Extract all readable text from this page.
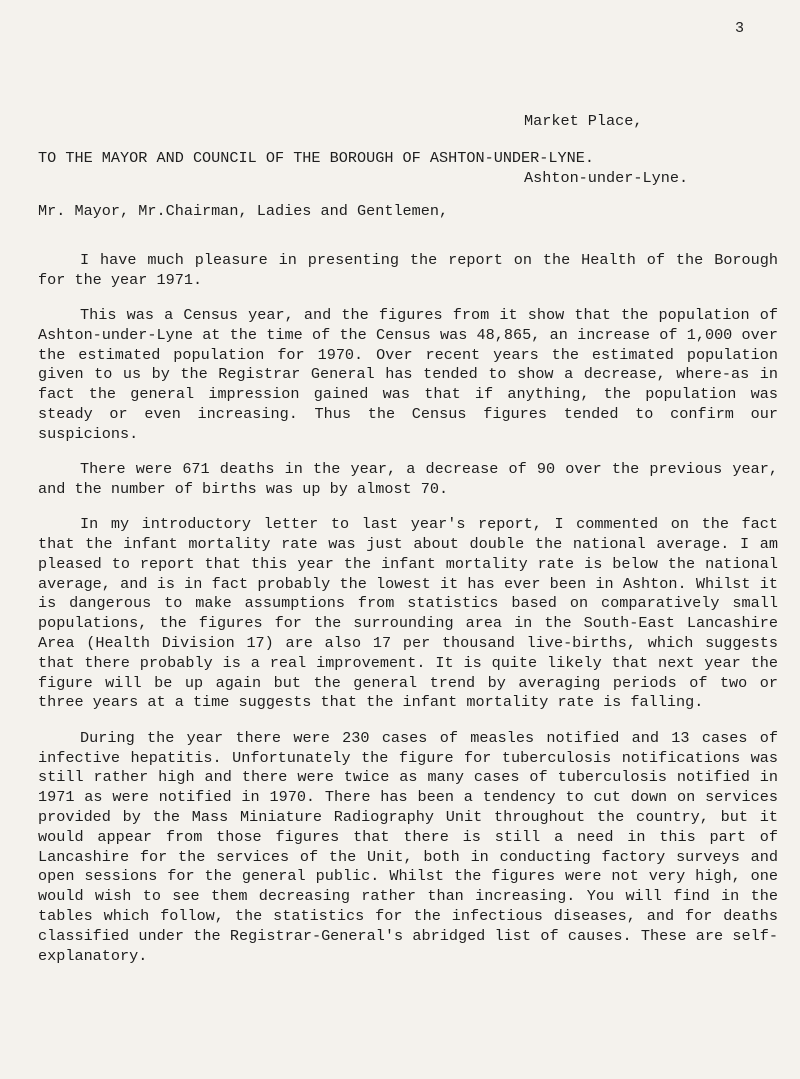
3

Market Place,

Ashton-under-Lyne.

TO THE MAYOR AND COUNCIL OF THE BOROUGH OF ASHTON-UNDER-LYNE.
Mr. Mayor, Mr.Chairman, Ladies and Gentlemen,

I have much pleasure in presenting the report on the Health of the Borough for the year 1971.

This was a Census year, and the figures from it show that the population of Ashton-under-Lyne at the time of the Census was 48,865, an increase of 1,000 over the estimated population for 1970. Over recent years the estimated population given to us by the Registrar General has tended to show a decrease, where-as in fact the general impression gained was that if anything, the population was steady or even increasing. Thus the Census figures tended to confirm our suspicions.

There were 671 deaths in the year, a decrease of 90 over the previous year, and the number of births was up by almost 70.

In my introductory letter to last year's report, I commented on the fact that the infant mortality rate was just about double the national average. I am pleased to report that this year the infant mortality rate is below the national average, and is in fact probably the lowest it has ever been in Ashton. Whilst it is dangerous to make assumptions from statistics based on comparatively small populations, the figures for the surrounding area in the South-East Lancashire Area (Health Division 17) are also 17 per thousand live-births, which suggests that there probably is a real improvement. It is quite likely that next year the figure will be up again but the general trend by averaging periods of two or three years at a time suggests that the infant mortality rate is falling.

During the year there were 230 cases of measles notified and 13 cases of infective hepatitis. Unfortunately the figure for tuberculosis notifications was still rather high and there were twice as many cases of tuberculosis notified in 1971 as were notified in 1970. There has been a tendency to cut down on services provided by the Mass Miniature Radiography Unit throughout the country, but it would appear from those figures that there is still a need in this part of Lancashire for the services of the Unit, both in conducting factory surveys and open sessions for the general public. Whilst the figures were not very high, one would wish to see them decreasing rather than increasing. You will find in the tables which follow, the statistics for the infectious diseases, and for deaths classified under the Registrar-General's abridged list of causes. These are self-explanatory.
